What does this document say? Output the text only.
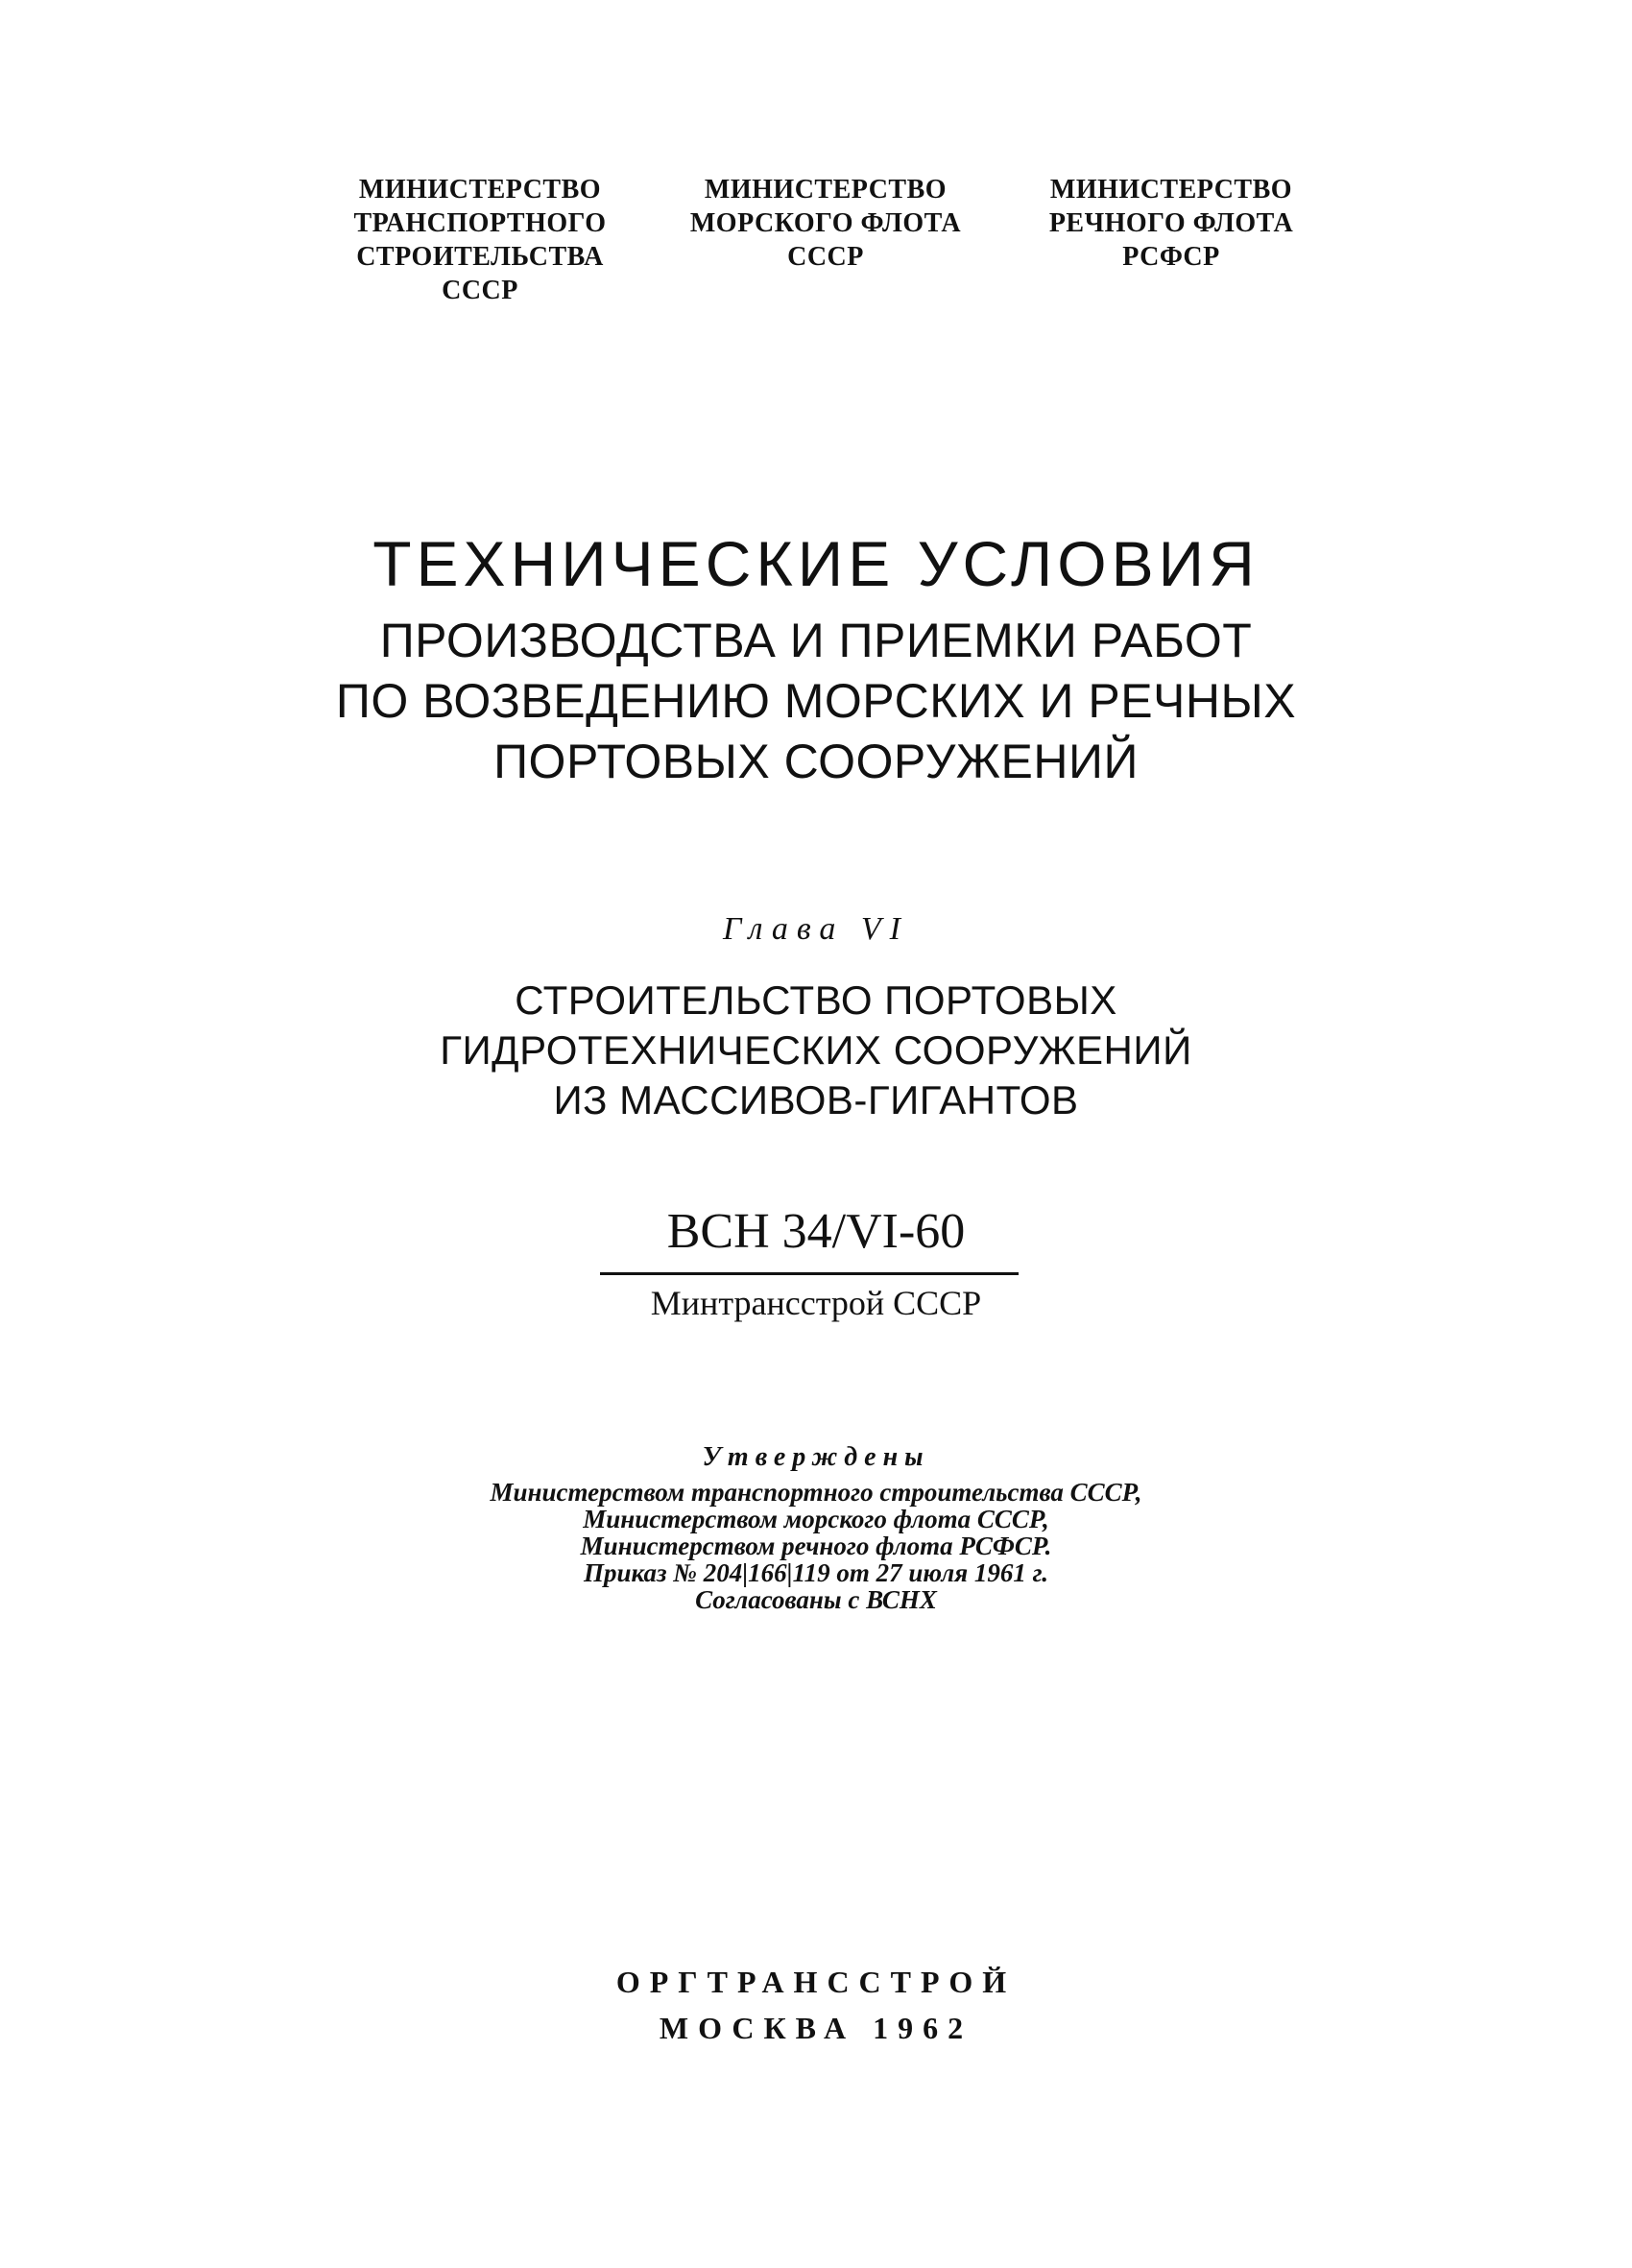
МИНИСТЕРСТВО
ТРАНСПОРТНОГО
СТРОИТЕЛЬСТВА
СССР
МИНИСТЕРСТВО
МОРСКОГО ФЛОТА
СССР
МИНИСТЕРСТВО
РЕЧНОГО ФЛОТА
РСФСР
ТЕХНИЧЕСКИЕ УСЛОВИЯ
ПРОИЗВОДСТВА И ПРИЕМКИ РАБОТ
ПО ВОЗВЕДЕНИЮ МОРСКИХ И РЕЧНЫХ
ПОРТОВЫХ СООРУЖЕНИЙ
Глава VI
СТРОИТЕЛЬСТВО ПОРТОВЫХ
ГИДРОТЕХНИЧЕСКИХ СООРУЖЕНИЙ
ИЗ МАССИВОВ-ГИГАНТОВ
ВСН 34/VI-60
Минтрансстрой СССР
Утверждены
Министерством транспортного строительства СССР,
Министерством морского флота СССР,
Министерством речного флота РСФСР.
Приказ № 204|166|119 от 27 июля 1961 г.
Согласованы с ВСНХ
ОРГТРАНССТРОЙ
МОСКВА 1962
